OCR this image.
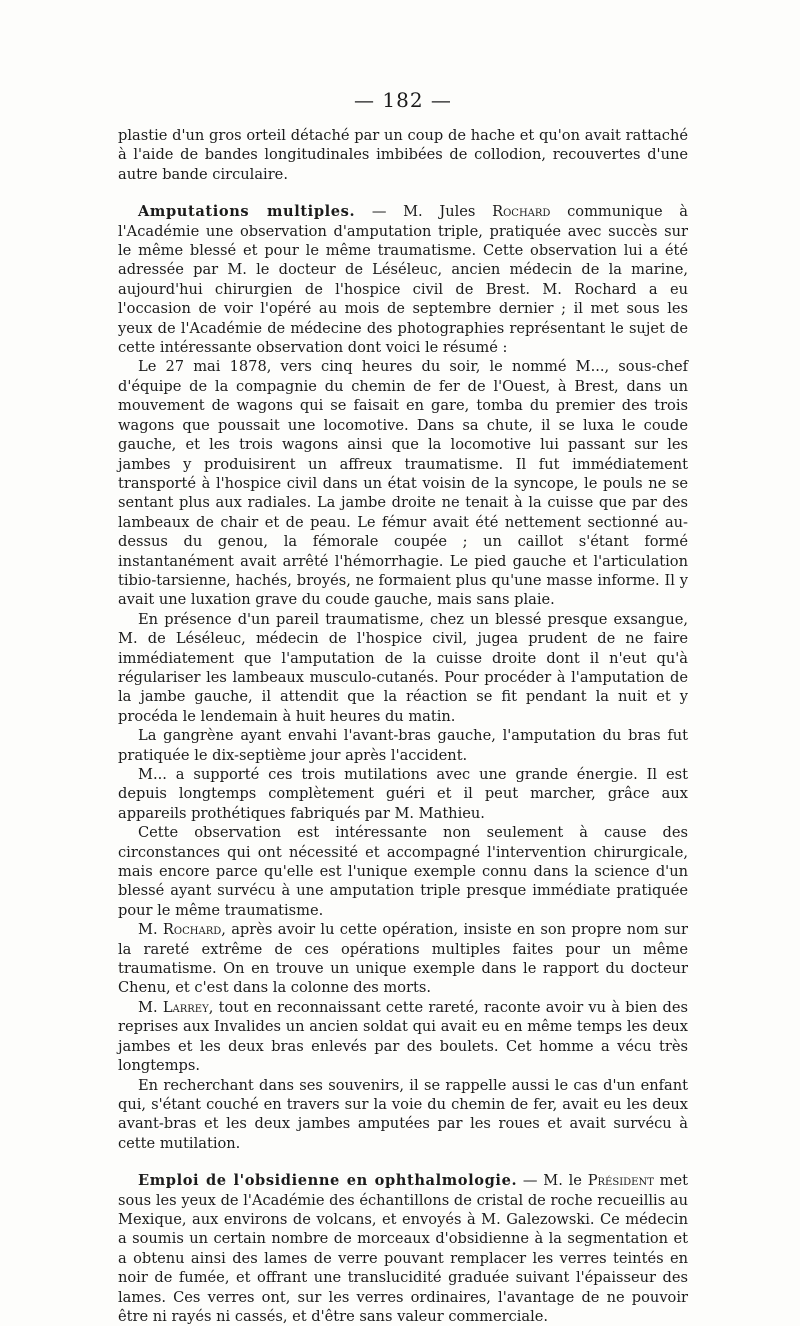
— 182 —

plastie d'un gros orteil détaché par un coup de hache et qu'on avait rattaché à l'aide de bandes longitudinales imbibées de collodion, recouvertes d'une autre bande circulaire.

Amputations multiples. — M. Jules Rochard communique à l'Académie une observation d'amputation triple, pratiquée avec succès sur le même blessé et pour le même traumatisme. Cette observation lui a été adressée par M. le docteur de Léséleuc, ancien médecin de la marine, aujourd'hui chirurgien de l'hospice civil de Brest. M. Rochard a eu l'occasion de voir l'opéré au mois de septembre dernier ; il met sous les yeux de l'Académie de médecine des photographies représentant le sujet de cette intéressante observation dont voici le résumé :

Le 27 mai 1878, vers cinq heures du soir, le nommé M..., sous-chef d'équipe de la compagnie du chemin de fer de l'Ouest, à Brest, dans un mouvement de wagons qui se faisait en gare, tomba du premier des trois wagons que poussait une locomotive. Dans sa chute, il se luxa le coude gauche, et les trois wagons ainsi que la locomotive lui passant sur les jambes y produisirent un affreux traumatisme. Il fut immédiatement transporté à l'hospice civil dans un état voisin de la syncope, le pouls ne se sentant plus aux radiales. La jambe droite ne tenait à la cuisse que par des lambeaux de chair et de peau. Le fémur avait été nettement sectionné au-dessus du genou, la fémorale coupée ; un caillot s'étant formé instantanément avait arrêté l'hémorrhagie. Le pied gauche et l'articulation tibio-tarsienne, hachés, broyés, ne formaient plus qu'une masse informe. Il y avait une luxation grave du coude gauche, mais sans plaie.

En présence d'un pareil traumatisme, chez un blessé presque exsangue, M. de Léséleuc, médecin de l'hospice civil, jugea prudent de ne faire immédiatement que l'amputation de la cuisse droite dont il n'eut qu'à régulariser les lambeaux musculo-cutanés. Pour procéder à l'amputation de la jambe gauche, il attendit que la réaction se fit pendant la nuit et y procéda le lendemain à huit heures du matin.

La gangrène ayant envahi l'avant-bras gauche, l'amputation du bras fut pratiquée le dix-septième jour après l'accident.

M... a supporté ces trois mutilations avec une grande énergie. Il est depuis longtemps complètement guéri et il peut marcher, grâce aux appareils prothétiques fabriqués par M. Mathieu.

Cette observation est intéressante non seulement à cause des circonstances qui ont nécessité et accompagné l'intervention chirurgicale, mais encore parce qu'elle est l'unique exemple connu dans la science d'un blessé ayant survécu à une amputation triple presque immédiate pratiquée pour le même traumatisme.

M. Rochard, après avoir lu cette opération, insiste en son propre nom sur la rareté extrême de ces opérations multiples faites pour un même traumatisme. On en trouve un unique exemple dans le rapport du docteur Chenu, et c'est dans la colonne des morts.

M. Larrey, tout en reconnaissant cette rareté, raconte avoir vu à bien des reprises aux Invalides un ancien soldat qui avait eu en même temps les deux jambes et les deux bras enlevés par des boulets. Cet homme a vécu très longtemps.

En recherchant dans ses souvenirs, il se rappelle aussi le cas d'un enfant qui, s'étant couché en travers sur la voie du chemin de fer, avait eu les deux avant-bras et les deux jambes amputées par les roues et avait survécu à cette mutilation.

Emploi de l'obsidienne en ophthalmologie. — M. le Président met sous les yeux de l'Académie des échantillons de cristal de roche recueillis au Mexique, aux environs de volcans, et envoyés à M. Galezowski. Ce médecin a soumis un certain nombre de morceaux d'obsidienne à la segmentation et a obtenu ainsi des lames de verre pouvant remplacer les verres teintés en noir de fumée, et offrant une translucidité graduée suivant l'épaisseur des lames. Ces verres ont, sur les verres ordinaires, l'avantage de ne pouvoir être ni rayés ni cassés, et d'être sans valeur commerciale.
